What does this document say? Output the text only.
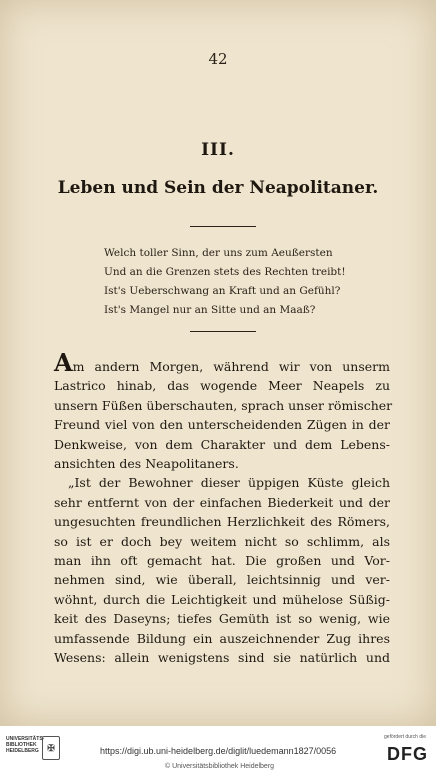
42
III.
Leben und Sein der Neapolitaner.
Welch toller Sinn, der uns zum Aeußersten
Und an die Grenzen stets des Rechten treibt!
Ist's Ueberschwang an Kraft und an Gefühl?
Ist's Mangel nur an Sitte und an Maaß?
Am andern Morgen, während wir von unserm
Lastrico hinab, das wogende Meer Neapels zu
unsern Füßen überschauten, sprach unser römischer
Freund viel von den unterscheidenden Zügen in der
Denkweise, von dem Charakter und dem Lebens-
ansichten des Neapolitaners.
„Ist der Bewohner dieser üppigen Küste gleich
sehr entfernt von der einfachen Biederkeit und der
ungesuchten freundlichen Herzlichkeit des Römers,
so ist er doch bey weitem nicht so schlimm, als
man ihn oft gemacht hat. Die großen und Vor-
nehmen sind, wie überall, leichtsinnig und ver-
wöhnt, durch die Leichtigkeit und mühelose Süßig-
keit des Daseyns; tiefes Gemüth ist so wenig, wie
umfassende Bildung ein auszeichnender Zug ihres
Wesens: allein wenigstens sind sie natürlich und
UNIVERSITÄTS-
BIBLIOTHEK
HEIDELBERG ✠	https://digi.ub.uni-heidelberg.de/diglit/luedemann1827/0056
© Universitätsbibliothek Heidelberg
gefördert durch die
DFG
